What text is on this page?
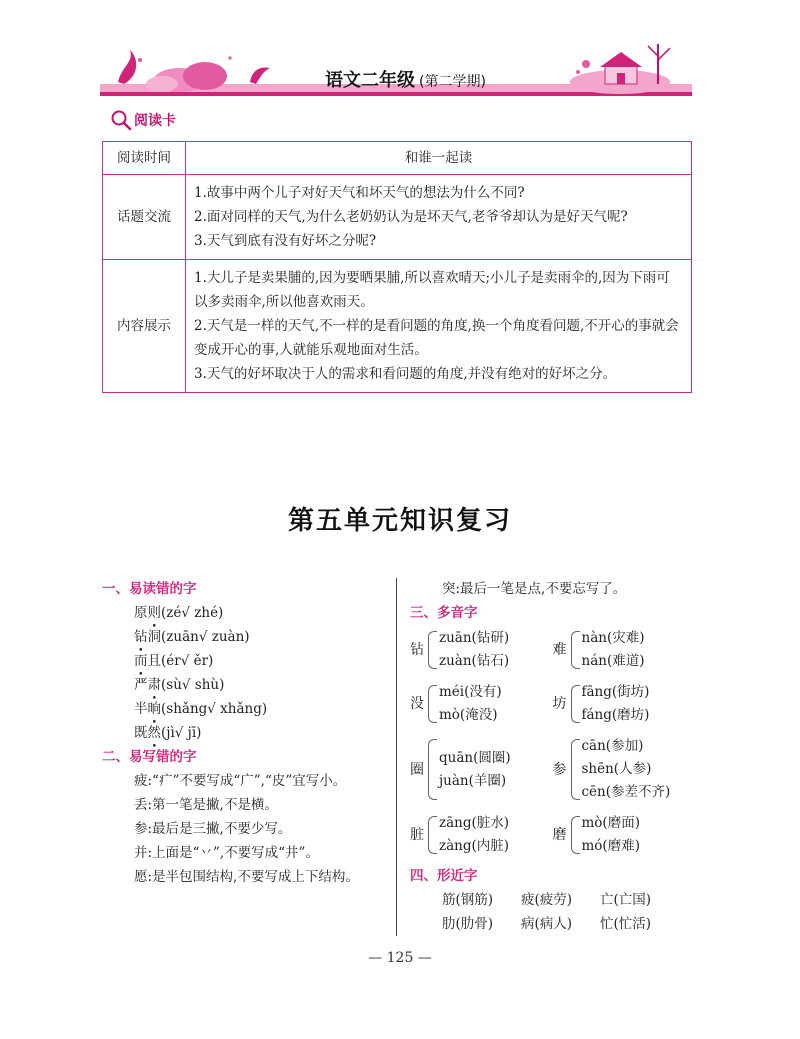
语文二年级 (第二学期)
阅读卡
阅读时间	和谁一起读
话题交流	1.故事中两个儿子对好天气和坏天气的想法为什么不同?
2.面对同样的天气,为什么老奶奶认为是坏天气,老爷爷却认为是好天气呢?
3.天气到底有没有好坏之分呢?

内容展示	1.大儿子是卖果脯的,因为要晒果脯,所以喜欢晴天;小儿子是卖雨伞的,因为下雨可以多卖雨伞,所以他喜欢雨天。
2.天气是一样的天气,不一样的是看问题的角度,换一个角度看问题,不开心的事就会变成开心的事,人就能乐观地面对生活。
3.天气的好坏取决于人的需求和看问题的角度,并没有绝对的好坏之分。
第五单元知识复习
一、易读错的字
原则(zé√ zhé)
钻洞(zuān√ zuàn)
而且(ér√ ěr)
严肃(sù√ shù)
半晌(shǎng√ xhǎng)
既然(jì√ jī)
二、易写错的字
疲:“疒”不要写成“广”,“皮”宜写小。
丢:第一笔是撇,不是横。
参:最后是三撇,不要少写。
并:上面是“丷”,不要写成“井”。
愿:是半包围结构,不要写成上下结构。
突:最后一笔是点,不要忘写了。
三、多音字
钻
zuān(钻研)
zuàn(钻石)
难
nàn(灾难)
nán(难道)
没
méi(没有)
mò(淹没)
坊
fāng(街坊)
fáng(磨坊)
圈
quān(圆圈)
juàn(羊圈)
参
cān(参加)
shēn(人参)
cēn(参差不齐)
脏
zāng(脏水)
zàng(内脏)
磨
mò(磨面)
mó(磨难)
四、形近字
筋(钢筋)	疲(疲劳)	亡(亡国)
肋(肋骨)	病(病人)	忙(忙活)
— 125 —
